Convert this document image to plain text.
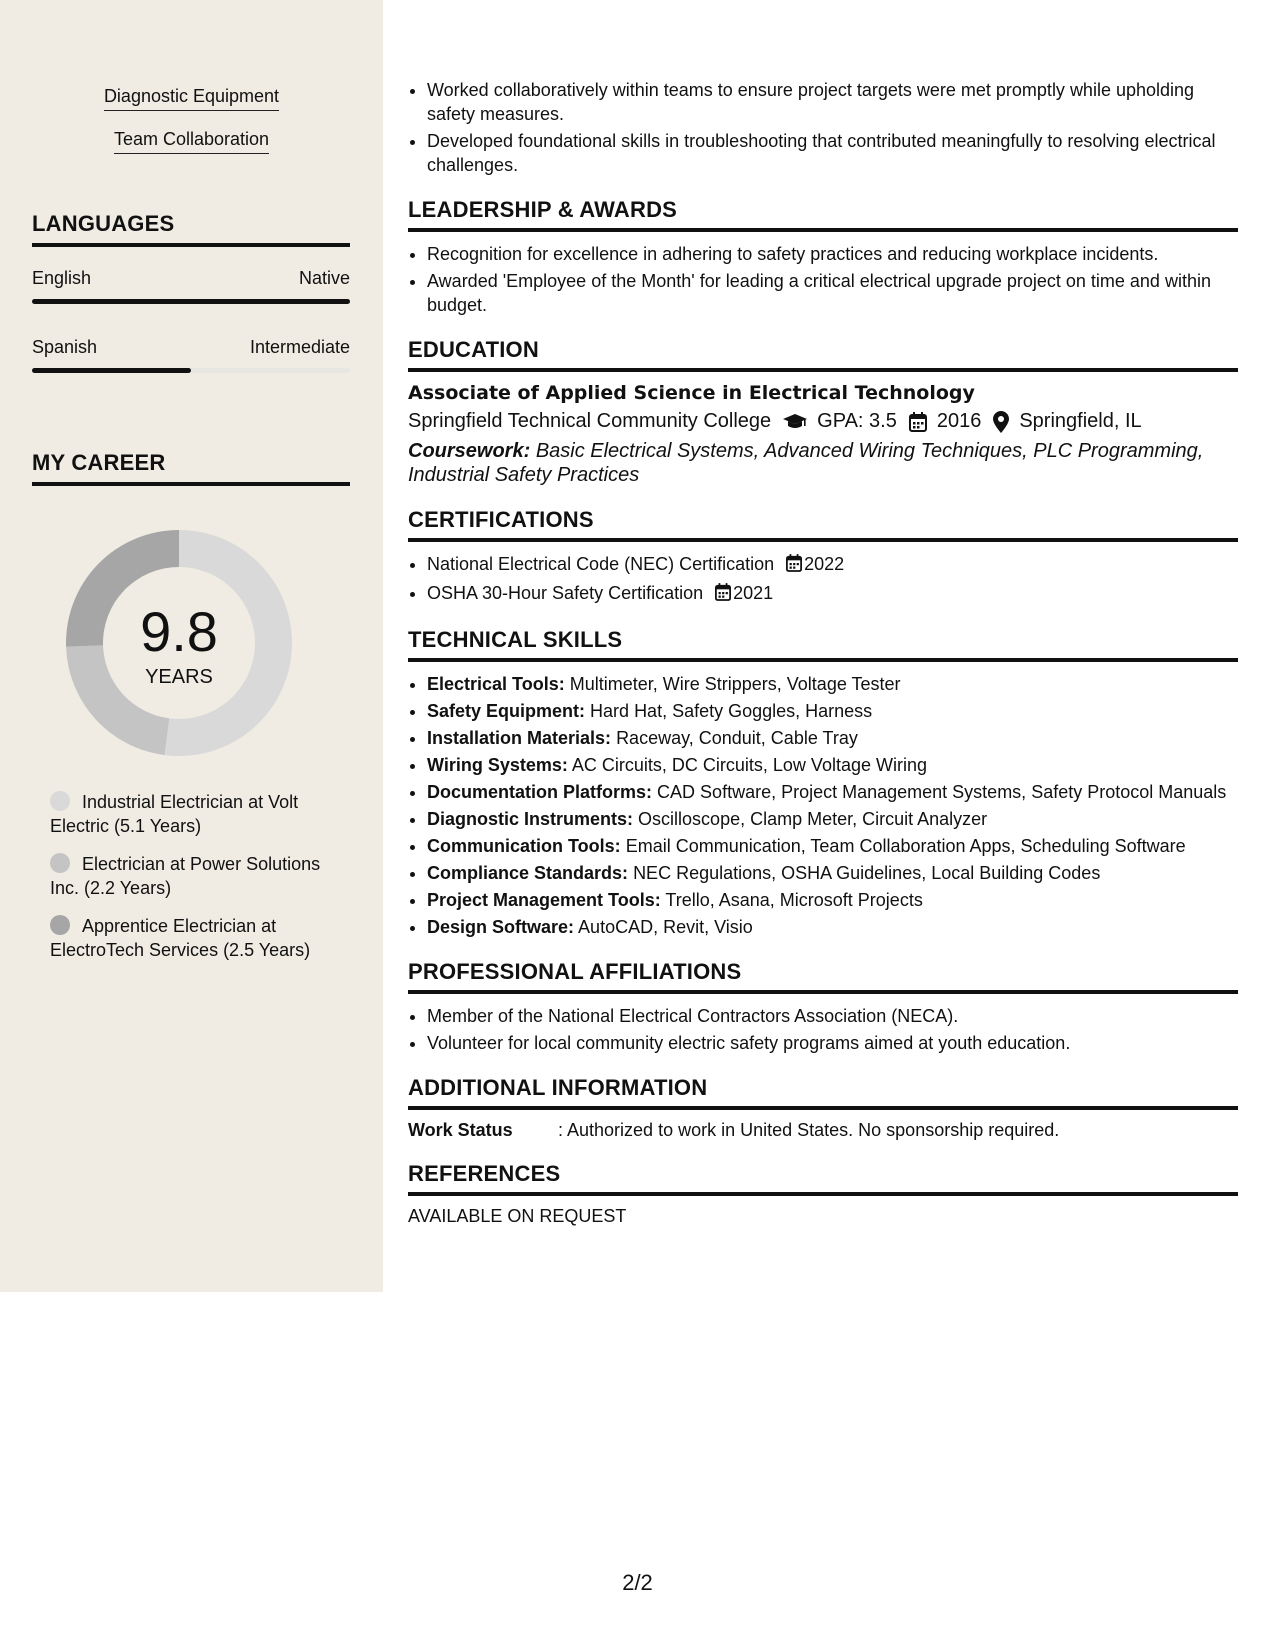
Diagnostic Equipment
Team Collaboration
LANGUAGES
English	Native
Spanish	Intermediate
MY CAREER
9.8
YEARS
Industrial Electrician at Volt Electric (5.1 Years)
Electrician at Power Solutions Inc. (2.2 Years)
Apprentice Electrician at ElectroTech Services (2.5 Years)
• Worked collaboratively within teams to ensure project targets were met promptly while upholding safety measures.
• Developed foundational skills in troubleshooting that contributed meaningfully to resolving electrical challenges.
LEADERSHIP & AWARDS
• Recognition for excellence in adhering to safety practices and reducing workplace incidents.
• Awarded 'Employee of the Month' for leading a critical electrical upgrade project on time and within budget.
EDUCATION
Associate of Applied Science in Electrical Technology
Springfield Technical Community College GPA: 3.5 2016 Springfield, IL
Coursework: Basic Electrical Systems, Advanced Wiring Techniques, PLC Programming, Industrial Safety Practices
CERTIFICATIONS
• National Electrical Code (NEC) Certification 2022
• OSHA 30-Hour Safety Certification 2021
TECHNICAL SKILLS
• Electrical Tools: Multimeter, Wire Strippers, Voltage Tester
• Safety Equipment: Hard Hat, Safety Goggles, Harness
• Installation Materials: Raceway, Conduit, Cable Tray
• Wiring Systems: AC Circuits, DC Circuits, Low Voltage Wiring
• Documentation Platforms: CAD Software, Project Management Systems, Safety Protocol Manuals
• Diagnostic Instruments: Oscilloscope, Clamp Meter, Circuit Analyzer
• Communication Tools: Email Communication, Team Collaboration Apps, Scheduling Software
• Compliance Standards: NEC Regulations, OSHA Guidelines, Local Building Codes
• Project Management Tools: Trello, Asana, Microsoft Projects
• Design Software: AutoCAD, Revit, Visio
PROFESSIONAL AFFILIATIONS
• Member of the National Electrical Contractors Association (NECA).
• Volunteer for local community electric safety programs aimed at youth education.
ADDITIONAL INFORMATION
Work Status	: Authorized to work in United States. No sponsorship required.
REFERENCES
AVAILABLE ON REQUEST
2/2
